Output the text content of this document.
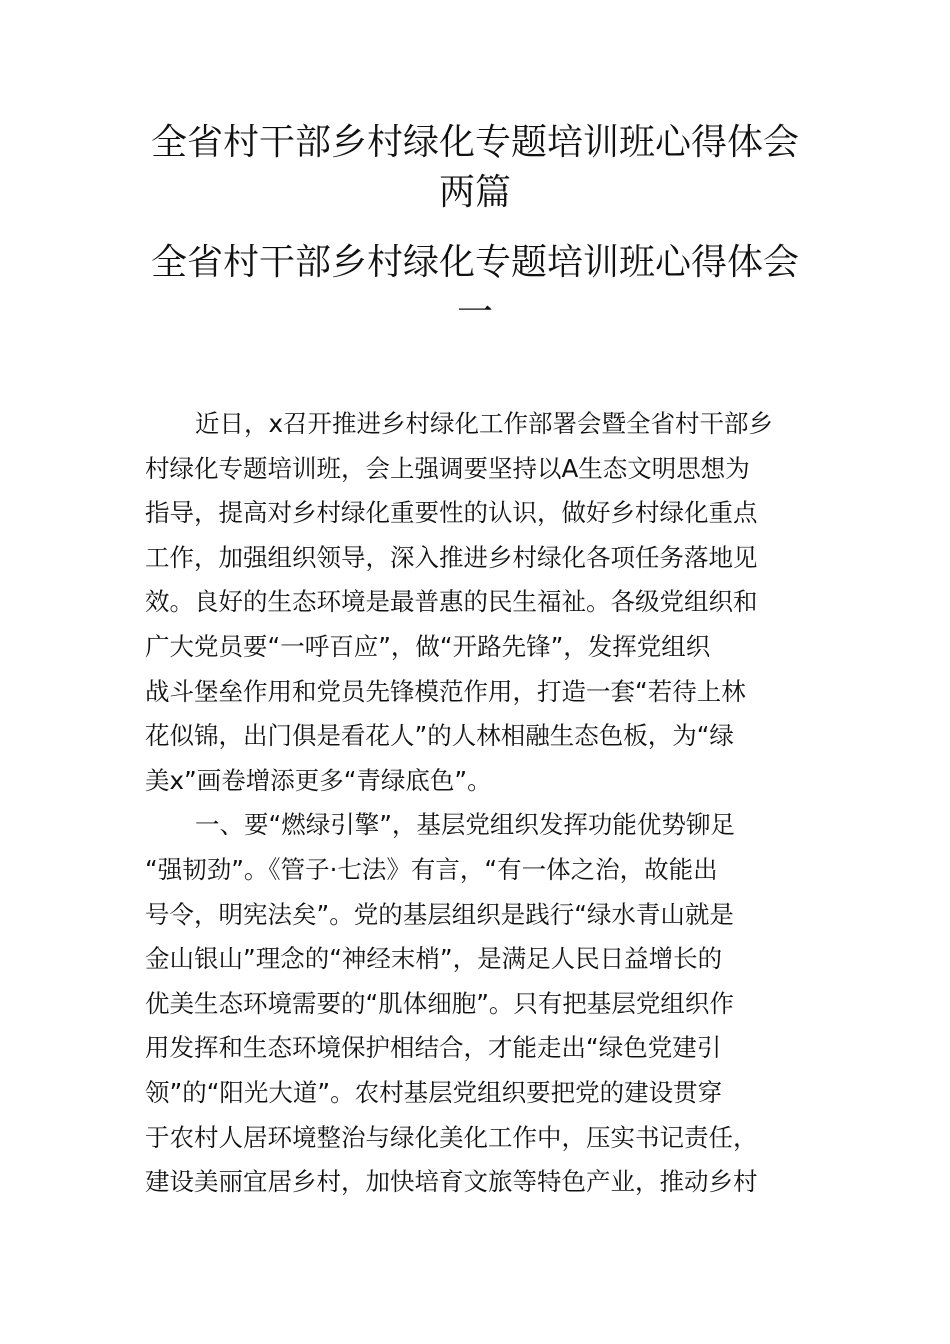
全省村干部乡村绿化专题培训班心得体会
两篇
全省村干部乡村绿化专题培训班心得体会
一
近日，x召开推进乡村绿化工作部署会暨全省村干部乡
村绿化专题培训班，会上强调要坚持以A生态文明思想为
指导，提高对乡村绿化重要性的认识，做好乡村绿化重点
工作，加强组织领导，深入推进乡村绿化各项任务落地见
效。良好的生态环境是最普惠的民生福祉。各级党组织和
广大党员要“一呼百应”，做“开路先锋”，发挥党组织
战斗堡垒作用和党员先锋模范作用，打造一套“若待上林
花似锦，出门俱是看花人”的人林相融生态色板，为“绿
美x”画卷增添更多“青绿底色”。
一、要“燃绿引擎”，基层党组织发挥功能优势铆足
“强韧劲”。《管子·七法》有言，“有一体之治，故能出
号令，明宪法矣”。党的基层组织是践行“绿水青山就是
金山银山”理念的“神经末梢”，是满足人民日益增长的
优美生态环境需要的“肌体细胞”。只有把基层党组织作
用发挥和生态环境保护相结合，才能走出“绿色党建引
领”的“阳光大道”。农村基层党组织要把党的建设贯穿
于农村人居环境整治与绿化美化工作中，压实书记责任，
建设美丽宜居乡村，加快培育文旅等特色产业，推动乡村
